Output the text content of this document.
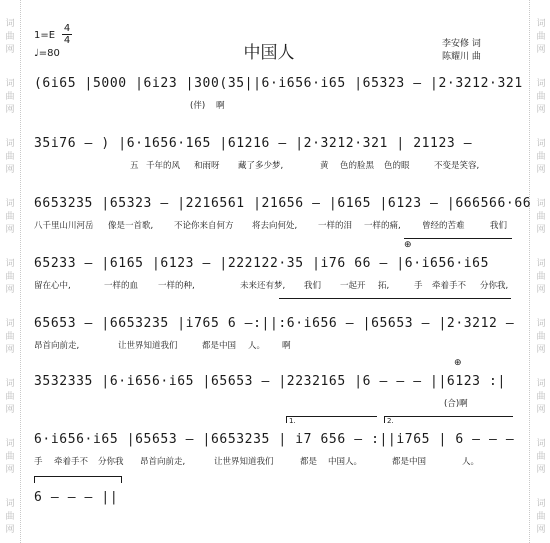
词曲网
词曲网
词曲网
词曲网
词曲网
词曲网
词曲网
词曲网
词曲网
词曲网
词曲网
词曲网
词曲网
词曲网
词曲网
词曲网
词曲网
词曲网
1=E
4
4
♩=80	中国人	李安修 词
陈耀川 曲
(6i65 |5000 |6i23 |300(35||6·i656·i65 |65323 – |2·3212·321
(伴) 啊
35i76 – ) |6·1656·165 |61216 – |2·3212·321 | 21123 –
五 千年的风 和雨呀 藏了多少梦,	黄 色的脸黑 色的眼	不变是笑容,
6653235 |65323 – |2216561 |21656 – |6165 |6123 – |666566·66
八千里山川河岳 像是一首歌, 不论你来自何方 将去向何处, 一样的泪 一样的痛,	曾经的苦难	我们
⊕
65233 – |6165 |6123 – |222122·35 |i76 66 – |6·i656·i65
留在心中,	一样的血 一样的种,	未来还有梦, 我们 一起开 拓,	手 牵着手不 分你我,
65653 – |6653235 |i765 6 –:||:6·i656 – |65653 – |2·3212 –
昂首向前走,	让世界知道我们	都是中国 人。 啊
⊕
3532335 |6·i656·i65 |65653 – |2232165 |6 – – – ||6123 :|
(合)啊
1.	2.
6·i656·i65 |65653 – |6653235 | i7 656 – :||i765 | 6 – – –
手 牵着手不 分你我 昂首向前走,	让世界知道我们	都是 中国人。	都是中国	人。
6 – – – ||
